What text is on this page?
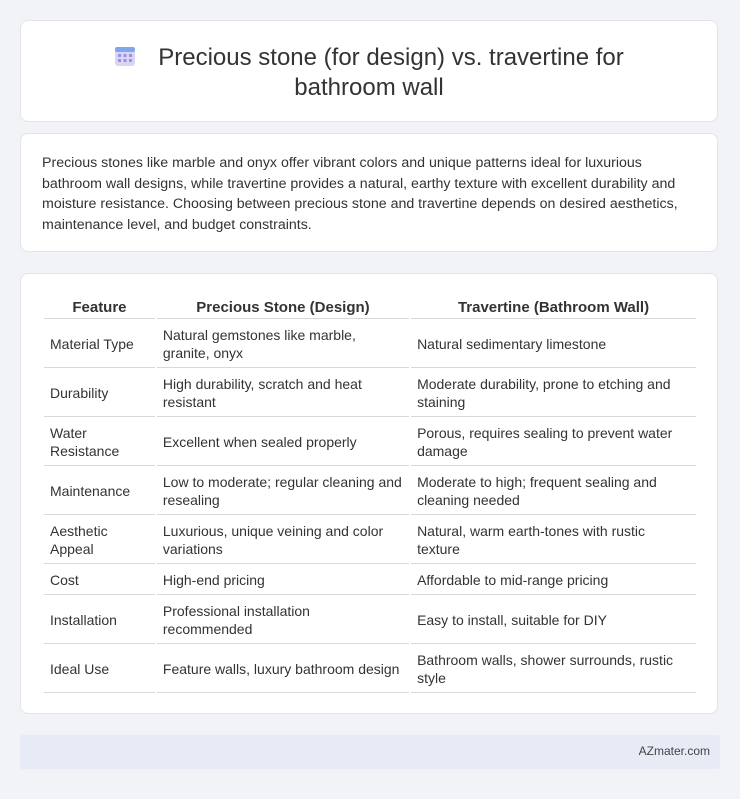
Precious stone (for design) vs. travertine for bathroom wall
Precious stones like marble and onyx offer vibrant colors and unique patterns ideal for luxurious bathroom wall designs, while travertine provides a natural, earthy texture with excellent durability and moisture resistance. Choosing between precious stone and travertine depends on desired aesthetics, maintenance level, and budget constraints.
Feature	Precious Stone (Design)	Travertine (Bathroom Wall)
Material Type	Natural gemstones like marble, granite, onyx	Natural sedimentary limestone
Durability	High durability, scratch and heat resistant	Moderate durability, prone to etching and staining
Water Resistance	Excellent when sealed properly	Porous, requires sealing to prevent water damage
Maintenance	Low to moderate; regular cleaning and resealing	Moderate to high; frequent sealing and cleaning needed
Aesthetic Appeal	Luxurious, unique veining and color variations	Natural, warm earth-tones with rustic texture
Cost	High-end pricing	Affordable to mid-range pricing
Installation	Professional installation recommended	Easy to install, suitable for DIY
Ideal Use	Feature walls, luxury bathroom design	Bathroom walls, shower surrounds, rustic style
AZmater.com
